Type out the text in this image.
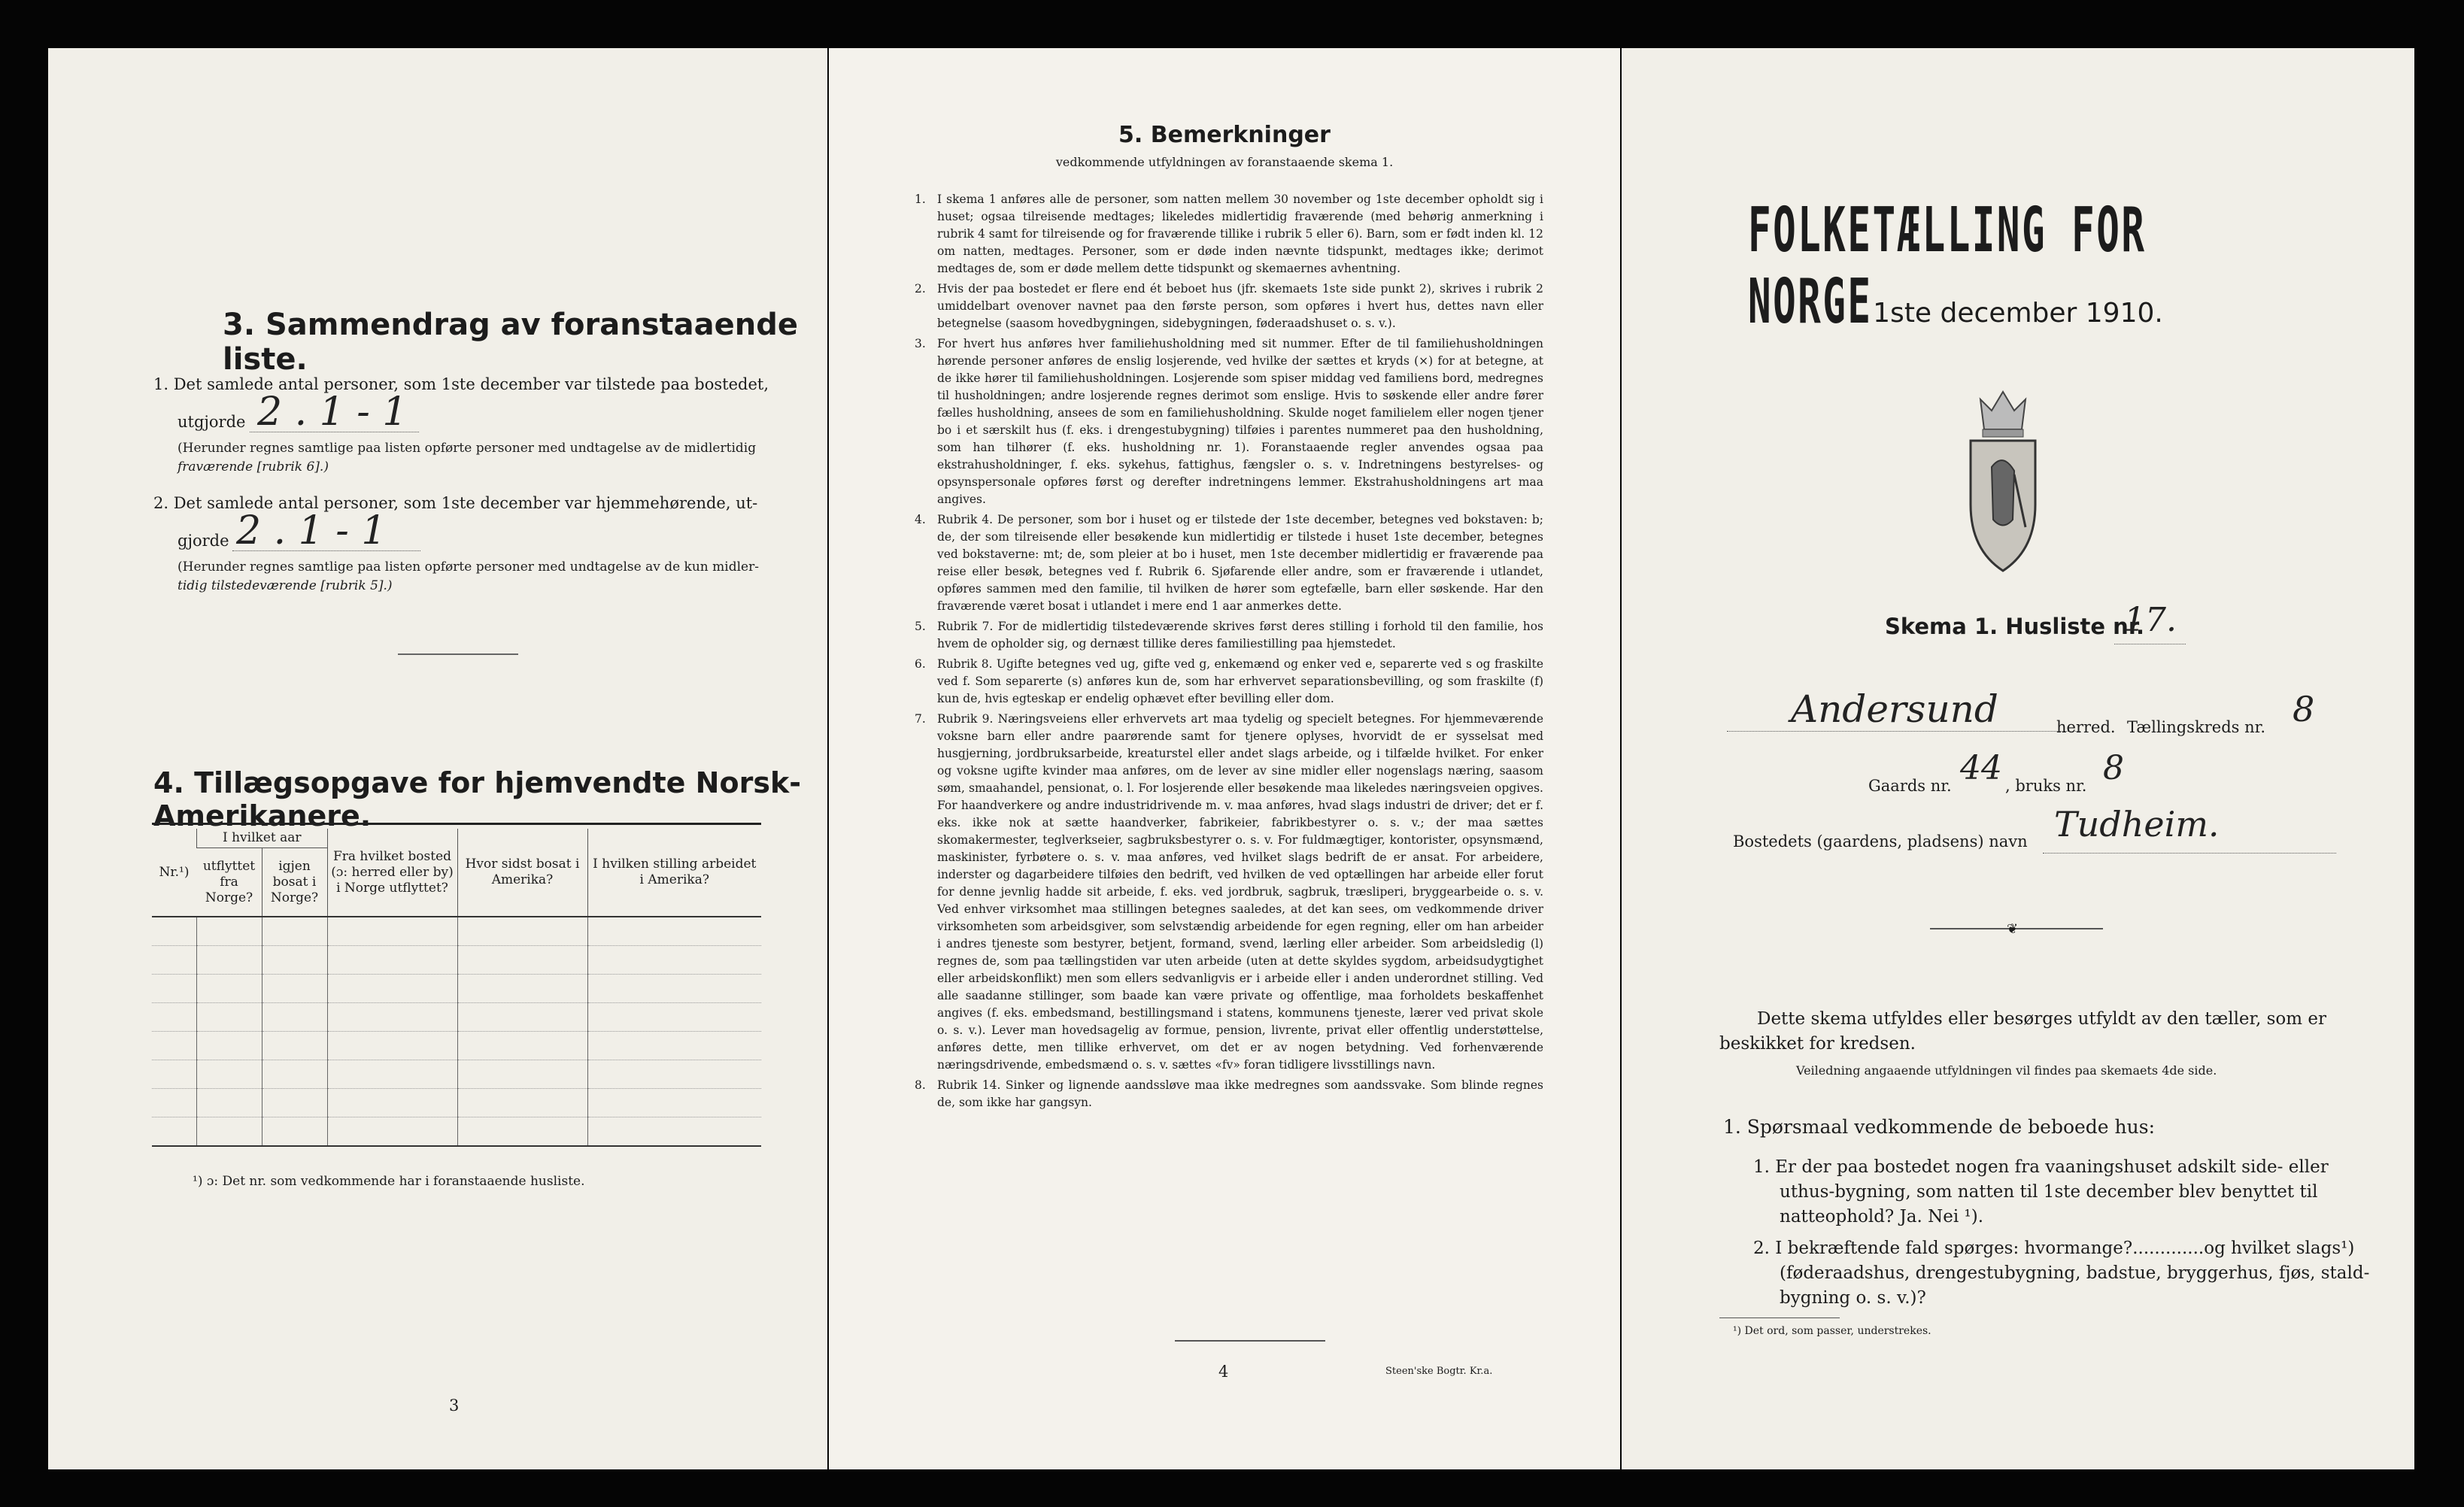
3. Sammendrag av foranstaaende liste.
1. Det samlede antal personer, som 1ste december var tilstede paa bostedet,
utgjorde 2 . 1 - 1
(Herunder regnes samtlige paa listen opførte personer med undtagelse av de midlertidig
fraværende [rubrik 6].)
2. Det samlede antal personer, som 1ste december var hjemmehørende, ut-
gjorde 2 . 1 - 1
(Herunder regnes samtlige paa listen opførte personer med undtagelse av de kun midler-
tidig tilstedeværende [rubrik 5].)
4. Tillægsopgave for hjemvendte Norsk-Amerikanere.
Nr.¹)	I hvilket aar		Fra hvilket bosted (ɔ: herred eller by) i Norge utflyttet?	Hvor sidst bosat i Amerika?	I hvilken stilling arbeidet i Amerika?
	utflyttet fra Norge?	igjen bosat i Norge?			

¹) ɔ: Det nr. som vedkommende har i foranstaaende husliste.
3
5. Bemerkninger
vedkommende utfyldningen av foranstaaende skema 1.

1. I skema 1 anføres alle de personer, som natten mellem 30 november og 1ste december opholdt sig i huset; ogsaa tilreisende medtages; likeledes midlertidig fraværende (med behørig anmerkning i rubrik 4 samt for tilreisende og for fraværende tillike i rubrik 5 eller 6). Barn, som er født inden kl. 12 om natten, medtages. Personer, som er døde inden nævnte tidspunkt, medtages ikke; derimot medtages de, som er døde mellem dette tidspunkt og skemaernes avhentning.

2. Hvis der paa bostedet er flere end ét beboet hus (jfr. skemaets 1ste side punkt 2), skrives i rubrik 2 umiddelbart ovenover navnet paa den første person, som opføres i hvert hus, dettes navn eller betegnelse (saasom hovedbygningen, sidebygningen, føderaadshuset o. s. v.).

3. For hvert hus anføres hver familiehusholdning med sit nummer. Efter de til familiehusholdningen hørende personer anføres de enslig losjerende, ved hvilke der sættes et kryds (×) for at betegne, at de ikke hører til familiehusholdningen. Losjerende som spiser middag ved familiens bord, medregnes til husholdningen; andre losjerende regnes derimot som enslige. Hvis to søskende eller andre fører fælles husholdning, ansees de som en familiehusholdning. Skulde noget familielem eller nogen tjener bo i et særskilt hus (f. eks. i drengestubygning) tilføies i parentes nummeret paa den husholdning, som han tilhører (f. eks. husholdning nr. 1). Foranstaaende regler anvendes ogsaa paa ekstrahusholdninger, f. eks. sykehus, fattighus, fængsler o. s. v. Indretningens bestyrelses- og opsynspersonale opføres først og derefter indretningens lemmer. Ekstrahusholdningens art maa angives.

4. Rubrik 4. De personer, som bor i huset og er tilstede der 1ste december, betegnes ved bokstaven: b; de, der som tilreisende eller besøkende kun midlertidig er tilstede i huset 1ste december, betegnes ved bokstaverne: mt; de, som pleier at bo i huset, men 1ste december midlertidig er fraværende paa reise eller besøk, betegnes ved f. Rubrik 6. Sjøfarende eller andre, som er fraværende i utlandet, opføres sammen med den familie, til hvilken de hører som egtefælle, barn eller søskende. Har den fraværende været bosat i utlandet i mere end 1 aar anmerkes dette.

5. Rubrik 7. For de midlertidig tilstedeværende skrives først deres stilling i forhold til den familie, hos hvem de opholder sig, og dernæst tillike deres familiestilling paa hjemstedet.

6. Rubrik 8. Ugifte betegnes ved ug, gifte ved g, enkemænd og enker ved e, separerte ved s og fraskilte ved f. Som separerte (s) anføres kun de, som har erhvervet separationsbevilling, og som fraskilte (f) kun de, hvis egteskap er endelig ophævet efter bevilling eller dom.

7. Rubrik 9. Næringsveiens eller erhvervets art maa tydelig og specielt betegnes. For hjemmeværende voksne barn eller andre paarørende samt for tjenere oplyses, hvorvidt de er sysselsat med husgjerning, jordbruksarbeide, kreaturstel eller andet slags arbeide, og i tilfælde hvilket. For enker og voksne ugifte kvinder maa anføres, om de lever av sine midler eller nogenslags næring, saasom søm, smaahandel, pensionat, o. l. For losjerende eller besøkende maa likeledes næringsveien opgives. For haandverkere og andre industridrivende m. v. maa anføres, hvad slags industri de driver; det er f. eks. ikke nok at sætte haandverker, fabrikeier, fabrikbestyrer o. s. v.; der maa sættes skomakermester, teglverkseier, sagbruksbestyrer o. s. v. For fuldmægtiger, kontorister, opsynsmænd, maskinister, fyrbøtere o. s. v. maa anføres, ved hvilket slags bedrift de er ansat. For arbeidere, inderster og dagarbeidere tilføies den bedrift, ved hvilken de ved optællingen har arbeide eller forut for denne jevnlig hadde sit arbeide, f. eks. ved jordbruk, sagbruk, træsliperi, bryggearbeide o. s. v. Ved enhver virksomhet maa stillingen betegnes saaledes, at det kan sees, om vedkommende driver virksomheten som arbeidsgiver, som selvstændig arbeidende for egen regning, eller om han arbeider i andres tjeneste som bestyrer, betjent, formand, svend, lærling eller arbeider. Som arbeidsledig (l) regnes de, som paa tællingstiden var uten arbeide (uten at dette skyldes sygdom, arbeidsudygtighet eller arbeidskonflikt) men som ellers sedvanligvis er i arbeide eller i anden underordnet stilling. Ved alle saadanne stillinger, som baade kan være private og offentlige, maa forholdets beskaffenhet angives (f. eks. embedsmand, bestillingsmand i statens, kommunens tjeneste, lærer ved privat skole o. s. v.). Lever man hovedsagelig av formue, pension, livrente, privat eller offentlig understøttelse, anføres dette, men tillike erhvervet, om det er av nogen betydning. Ved forhenværende næringsdrivende, embedsmænd o. s. v. sættes «fv» foran tidligere livsstillings navn.

8. Rubrik 14. Sinker og lignende aandssløve maa ikke medregnes som aandssvake. Som blinde regnes de, som ikke har gangsyn.

4	Steen'ske Bogtr. Kr.a.
FOLKETÆLLING FOR NORGE 1ste december 1910.
Skema 1. Husliste nr.
17.
Andersund	herred. Tællingskreds nr. 8
Gaards nr. 44 , bruks nr. 8
Bostedets (gaardens, pladsens) navn Tudheim.
❦
Dette skema utfyldes eller besørges utfyldt av den tæller, som er
beskikket for kredsen.
Veiledning angaaende utfyldningen vil findes paa skemaets 4de side.
1. Spørsmaal vedkommende de beboede hus:
1. Er der paa bostedet nogen fra vaaningshuset adskilt side- eller
uthus-bygning, som natten til 1ste december blev benyttet til
natteophold? Ja. Nei ¹).
2. I bekræftende fald spørges: hvormange?.............og hvilket slags¹)
(føderaadshus, drengestubygning, badstue, bryggerhus, fjøs, stald-
bygning o. s. v.)?
¹) Det ord, som passer, understrekes.
